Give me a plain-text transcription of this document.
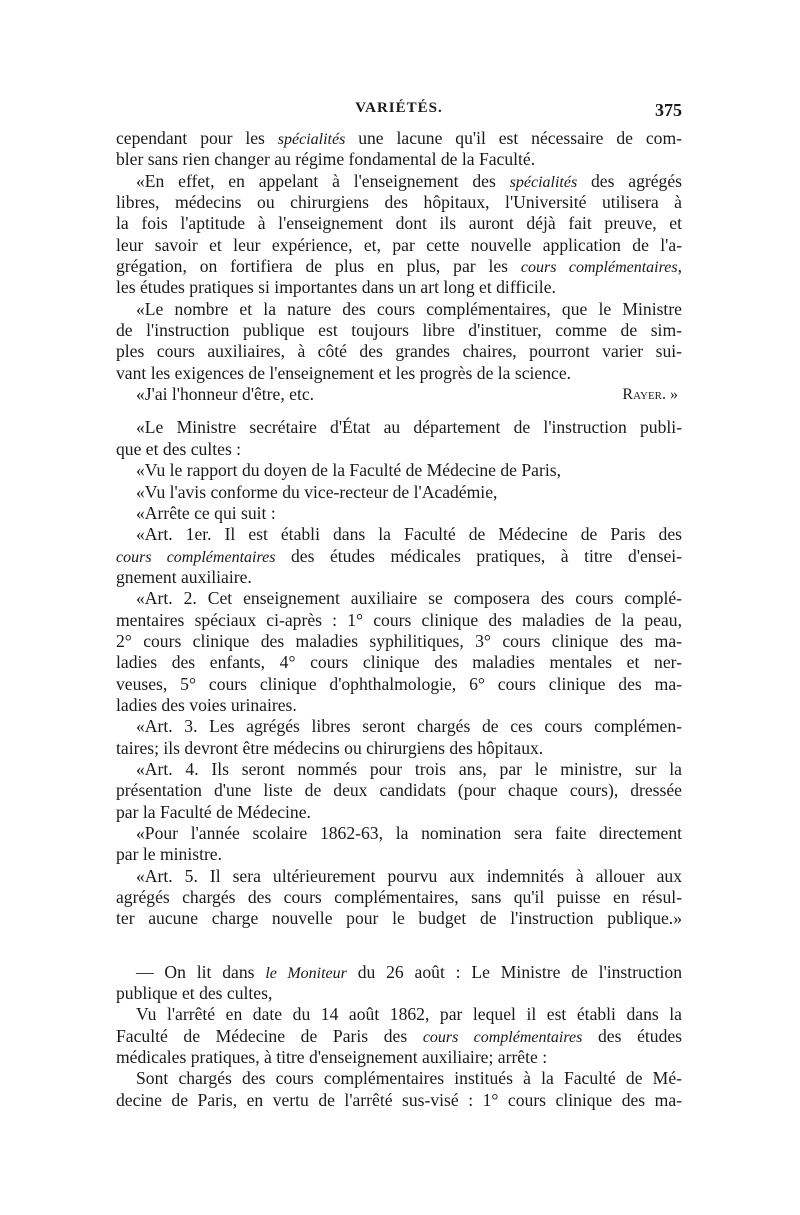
VARIÉTÉS.	375
cependant pour les spécialités une lacune qu'il est nécessaire de com-
bler sans rien changer au régime fondamental de la Faculté.
«En effet, en appelant à l'enseignement des spécialités des agrégés
libres, médecins ou chirurgiens des hôpitaux, l'Université utilisera à
la fois l'aptitude à l'enseignement dont ils auront déjà fait preuve, et
leur savoir et leur expérience, et, par cette nouvelle application de l'a-
grégation, on fortifiera de plus en plus, par les cours complémentaires,
les études pratiques si importantes dans un art long et difficile.
«Le nombre et la nature des cours complémentaires, que le Ministre
de l'instruction publique est toujours libre d'instituer, comme de sim-
ples cours auxiliaires, à côté des grandes chaires, pourront varier sui-
vant les exigences de l'enseignement et les progrès de la science.
«J'ai l'honneur d'être, etc.	Rayer. »
«Le Ministre secrétaire d'État au département de l'instruction publi-
que et des cultes :
«Vu le rapport du doyen de la Faculté de Médecine de Paris,
«Vu l'avis conforme du vice-recteur de l'Académie,
«Arrête ce qui suit :
«Art. 1er. Il est établi dans la Faculté de Médecine de Paris des
cours complémentaires des études médicales pratiques, à titre d'ensei-
gnement auxiliaire.
«Art. 2. Cet enseignement auxiliaire se composera des cours complé-
mentaires spéciaux ci-après : 1° cours clinique des maladies de la peau,
2° cours clinique des maladies syphilitiques, 3° cours clinique des ma-
ladies des enfants, 4° cours clinique des maladies mentales et ner-
veuses, 5° cours clinique d'ophthalmologie, 6° cours clinique des ma-
ladies des voies urinaires.
«Art. 3. Les agrégés libres seront chargés de ces cours complémen-
taires; ils devront être médecins ou chirurgiens des hôpitaux.
«Art. 4. Ils seront nommés pour trois ans, par le ministre, sur la
présentation d'une liste de deux candidats (pour chaque cours), dressée
par la Faculté de Médecine.
«Pour l'année scolaire 1862-63, la nomination sera faite directement
par le ministre.
«Art. 5. Il sera ultérieurement pourvu aux indemnités à allouer aux
agrégés chargés des cours complémentaires, sans qu'il puisse en résul-
ter aucune charge nouvelle pour le budget de l'instruction publique.»
— On lit dans le Moniteur du 26 août : Le Ministre de l'instruction
publique et des cultes,
Vu l'arrêté en date du 14 août 1862, par lequel il est établi dans la
Faculté de Médecine de Paris des cours complémentaires des études
médicales pratiques, à titre d'enseignement auxiliaire; arrête :
Sont chargés des cours complémentaires institués à la Faculté de Mé-
decine de Paris, en vertu de l'arrêté sus-visé : 1° cours clinique des ma-
